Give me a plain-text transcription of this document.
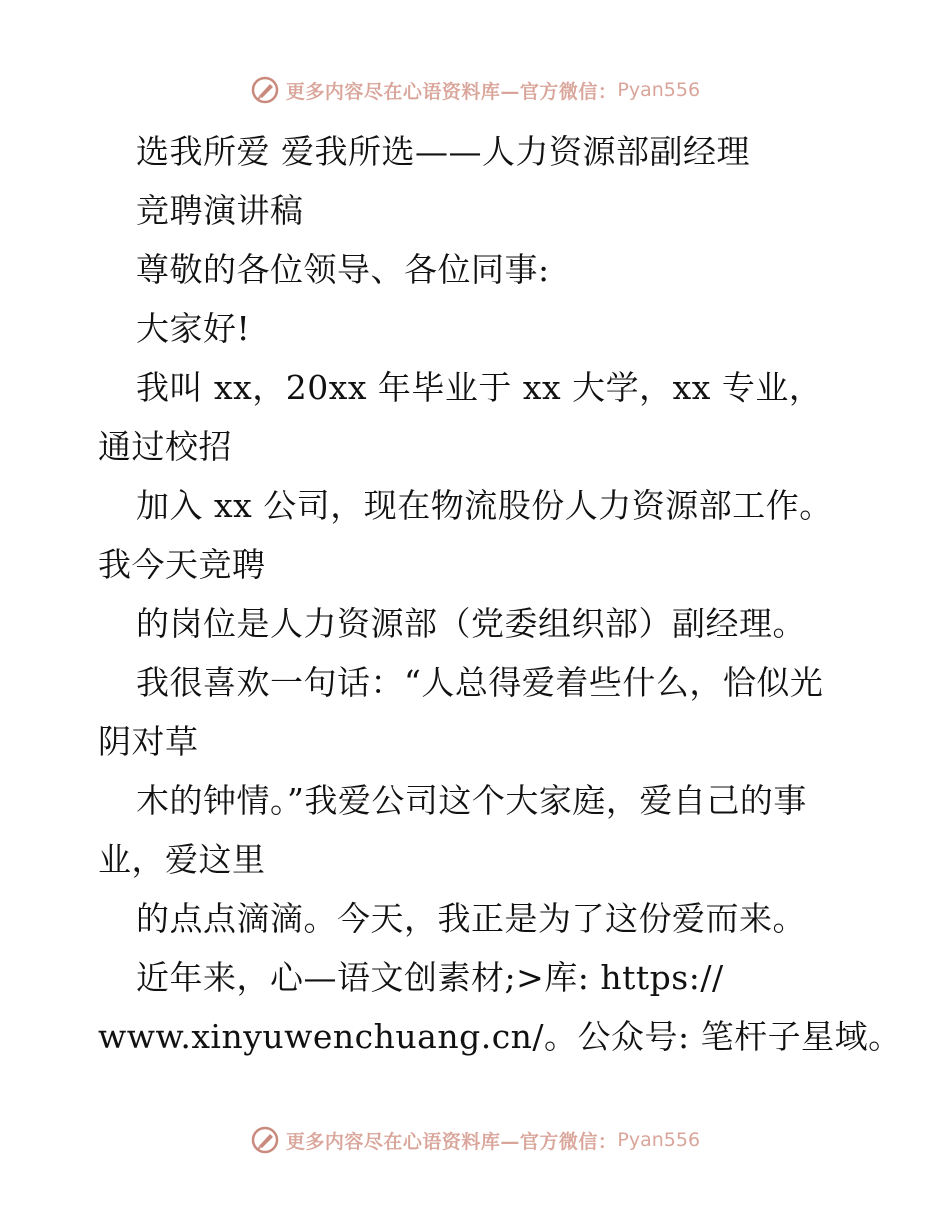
更多内容尽在心语资料库—官方微信： Pyan556
选我所爱 爱我所选——人力资源部副经理
竞聘演讲稿
尊敬的各位领导、各位同事:
大家好!
我叫 xx，20xx 年毕业于 xx 大学，xx 专业，
通过校招
加入 xx 公司，现在物流股份人力资源部工作。
我今天竞聘
的岗位是人力资源部（党委组织部）副经理。
我很喜欢一句话：“人总得爱着些什么，恰似光
阴对草
木的钟情。”我爱公司这个大家庭，爱自己的事
业，爱这里
的点点滴滴。今天，我正是为了这份爱而来。
近年来，心—语文创素材;>库: https://
www.xinyuwenchuang.cn/。公众号: 笔杆子星域。
更多内容尽在心语资料库—官方微信： Pyan556
